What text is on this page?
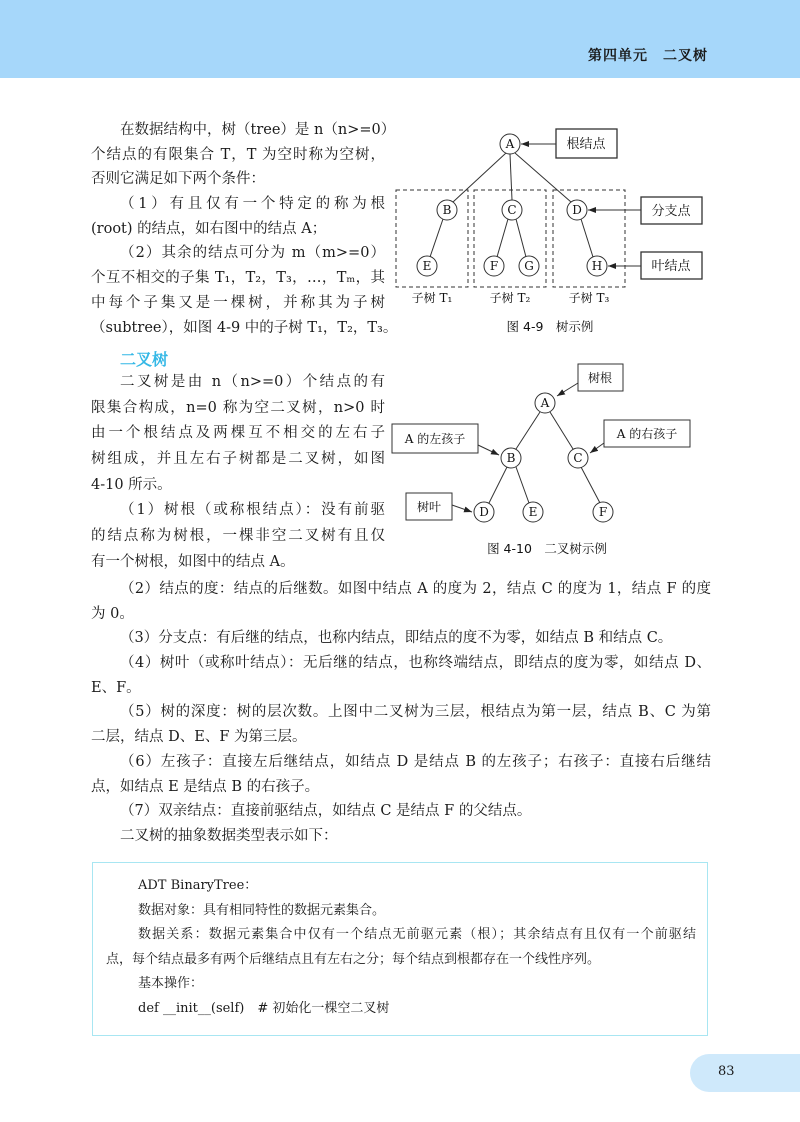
第四单元　二叉树
在数据结构中，树（tree）是 n（n>=0）
个结点的有限集合 T，T 为空时称为空树，
否则它满足如下两个条件：
（1）有且仅有一个特定的称为根
(root) 的结点，如右图中的结点 A；
（2）其余的结点可分为 m（m>=0）
个互不相交的子集 T₁，T₂，T₃，…，Tₘ，其
中每个子集又是一棵树，并称其为子树
（subtree），如图 4-9 中的子树 T₁，T₂，T₃。
二叉树
二叉树是由 n（n>=0）个结点的有
限集合构成，n=0 称为空二叉树，n>0 时
由一个根结点及两棵互不相交的左右子
树组成，并且左右子树都是二叉树，如图
4-10 所示。
（1）树根（或称根结点）：没有前驱
的结点称为树根，一棵非空二叉树有且仅
有一个树根，如图中的结点 A。
（2）结点的度：结点的后继数。如图中结点 A 的度为 2，结点 C 的度为 1，结点 F 的度
为 0。
（3）分支点：有后继的结点，也称内结点，即结点的度不为零，如结点 B 和结点 C。
（4）树叶（或称叶结点）：无后继的结点，也称终端结点，即结点的度为零，如结点 D、
E、F。
（5）树的深度：树的层次数。上图中二叉树为三层，根结点为第一层，结点 B、C 为第
二层，结点 D、E、F 为第三层。
（6）左孩子：直接左后继结点，如结点 D 是结点 B 的左孩子；右孩子：直接右后继结
点，如结点 E 是结点 B 的右孩子。
（7）双亲结点：直接前驱结点，如结点 C 是结点 F 的父结点。
二叉树的抽象数据类型表示如下：
ADT BinaryTree：
数据对象：具有相同特性的数据元素集合。
数据关系：数据元素集合中仅有一个结点无前驱元素（根）；其余结点有且仅有一个前驱结
点，每个结点最多有两个后继结点且有左右之分；每个结点到根都存在一个线性序列。
基本操作：
def __init__(self)　# 初始化一棵空二叉树
A
B	C	D
E	F G	H
根结点
分支点
叶结点
子树 T₁	子树 T₂	子树 T₃
图 4-9　树示例
A
B	C
D	E	F
树根
A 的左孩子	A 的右孩子
树叶
图 4-10　二叉树示例
83
